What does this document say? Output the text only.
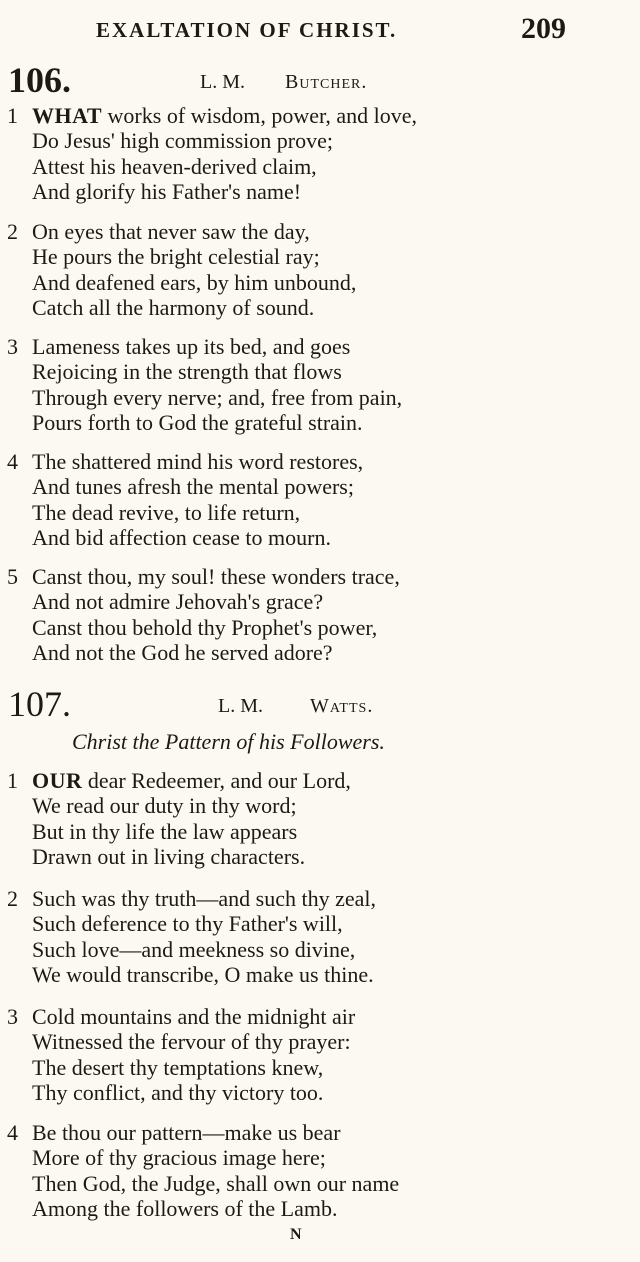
EXALTATION OF CHRIST.	209
106.	L. M. Butcher.
1 WHAT works of wisdom, power, and love,
Do Jesus' high commission prove;
Attest his heaven-derived claim,
And glorify his Father's name!
2 On eyes that never saw the day,
He pours the bright celestial ray;
And deafened ears, by him unbound,
Catch all the harmony of sound.
3 Lameness takes up its bed, and goes
Rejoicing in the strength that flows
Through every nerve; and, free from pain,
Pours forth to God the grateful strain.
4 The shattered mind his word restores,
And tunes afresh the mental powers;
The dead revive, to life return,
And bid affection cease to mourn.
5 Canst thou, my soul! these wonders trace,
And not admire Jehovah's grace?
Canst thou behold thy Prophet's power,
And not the God he served adore?
107.	L. M. Watts.
Christ the Pattern of his Followers.
1 OUR dear Redeemer, and our Lord,
We read our duty in thy word;
But in thy life the law appears
Drawn out in living characters.
2 Such was thy truth—and such thy zeal,
Such deference to thy Father's will,
Such love—and meekness so divine,
We would transcribe, O make us thine.
3 Cold mountains and the midnight air
Witnessed the fervour of thy prayer:
The desert thy temptations knew,
Thy conflict, and thy victory too.
4 Be thou our pattern—make us bear
More of thy gracious image here;
Then God, the Judge, shall own our name
Among the followers of the Lamb.
N
